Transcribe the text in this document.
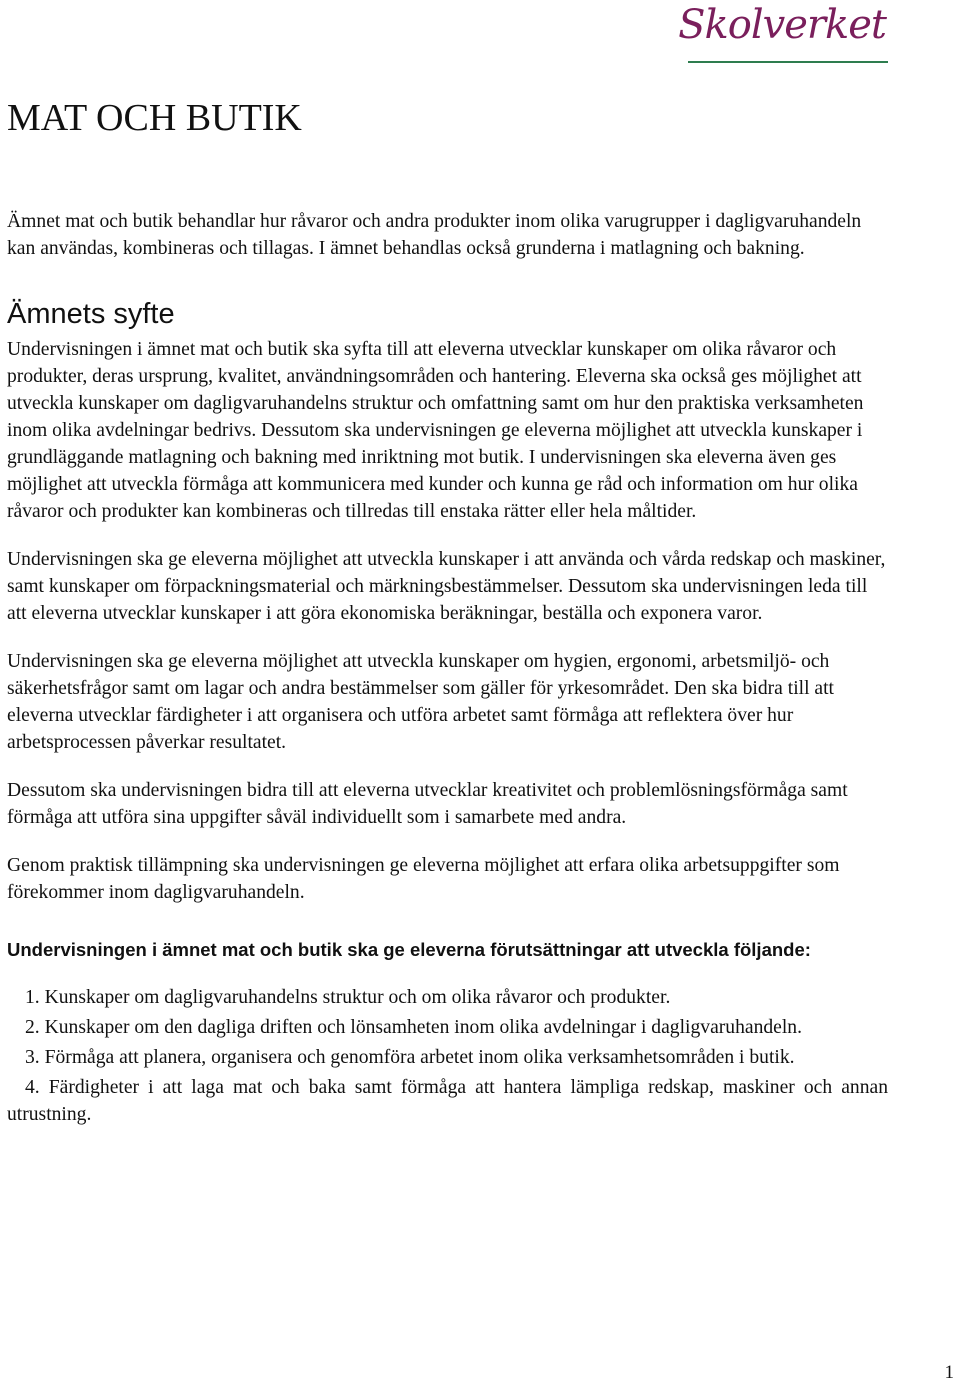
Skolverket
MAT OCH BUTIK

Ämnet mat och butik behandlar hur råvaror och andra produkter inom olika varugrupper i dagligvaruhandeln kan användas, kombineras och tillagas. I ämnet behandlas också grunderna i matlagning och bakning.

Ämnets syfte

Undervisningen i ämnet mat och butik ska syfta till att eleverna utvecklar kunskaper om olika råvaror och produkter, deras ursprung, kvalitet, användningsområden och hantering. Eleverna ska också ges möjlighet att utveckla kunskaper om dagligvaruhandelns struktur och omfattning samt om hur den praktiska verksamheten inom olika avdelningar bedrivs. Dessutom ska undervisningen ge eleverna möjlighet att utveckla kunskaper i grundläggande matlagning och bakning med inriktning mot butik. I undervisningen ska eleverna även ges möjlighet att utveckla förmåga att kommunicera med kunder och kunna ge råd och information om hur olika råvaror och produkter kan kombineras och tillredas till enstaka rätter eller hela måltider.

Undervisningen ska ge eleverna möjlighet att utveckla kunskaper i att använda och vårda redskap och maskiner, samt kunskaper om förpackningsmaterial och märkningsbestämmelser. Dessutom ska undervisningen leda till att eleverna utvecklar kunskaper i att göra ekonomiska beräkningar, beställa och exponera varor.

Undervisningen ska ge eleverna möjlighet att utveckla kunskaper om hygien, ergonomi, arbetsmiljö- och säkerhetsfrågor samt om lagar och andra bestämmelser som gäller för yrkesområdet. Den ska bidra till att eleverna utvecklar färdigheter i att organisera och utföra arbetet samt förmåga att reflektera över hur arbetsprocessen påverkar resultatet.

Dessutom ska undervisningen bidra till att eleverna utvecklar kreativitet och problemlösningsförmåga samt förmåga att utföra sina uppgifter såväl individuellt som i samarbete med andra.

Genom praktisk tillämpning ska undervisningen ge eleverna möjlighet att erfara olika arbetsuppgifter som förekommer inom dagligvaruhandeln.

Undervisningen i ämnet mat och butik ska ge eleverna förutsättningar att utveckla följande:
1. Kunskaper om dagligvaruhandelns struktur och om olika råvaror och produkter.
2. Kunskaper om den dagliga driften och lönsamheten inom olika avdelningar i dagligvaruhandeln.
3. Förmåga att planera, organisera och genomföra arbetet inom olika verksamhetsområden i butik.
4. Färdigheter i att laga mat och baka samt förmåga att hantera lämpliga redskap, maskiner och annan utrustning.
1
